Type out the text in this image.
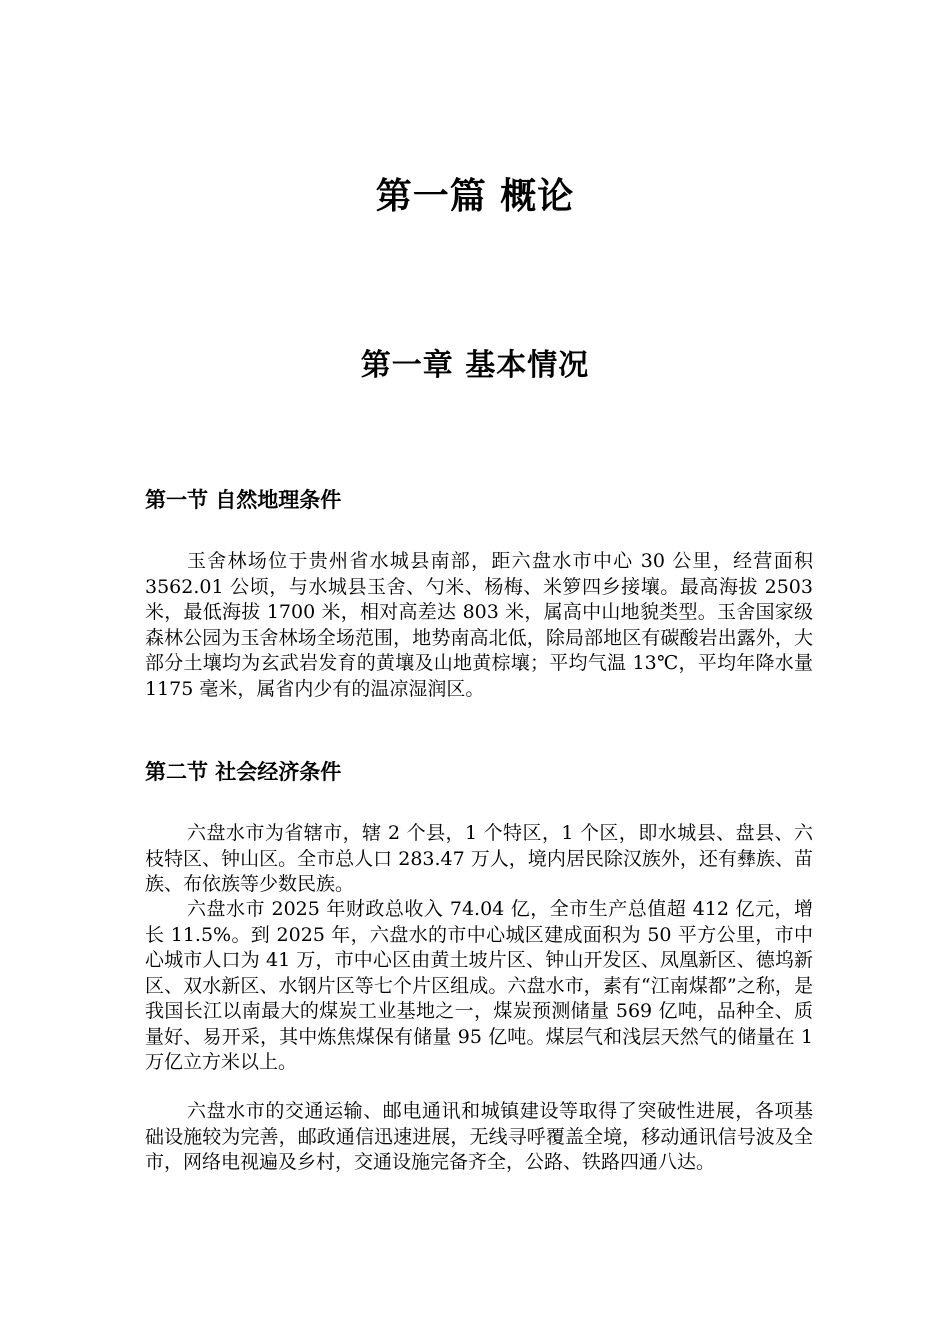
第一篇 概论
第一章 基本情况
第一节 自然地理条件

玉舍林场位于贵州省水城县南部，距六盘水市中心 30 公里，经营面积 3562.01 公顷，与水城县玉舍、勺米、杨梅、米箩四乡接壤。最高海拔 2503 米，最低海拔 1700 米，相对高差达 803 米，属高中山地貌类型。玉舍国家级森林公园为玉舍林场全场范围，地势南高北低，除局部地区有碳酸岩出露外，大部分土壤均为玄武岩发育的黄壤及山地黄棕壤；平均气温 13℃，平均年降水量 1175 毫米，属省内少有的温凉湿润区。

第二节 社会经济条件

六盘水市为省辖市，辖 2 个县，1 个特区，1 个区，即水城县、盘县、六枝特区、钟山区。全市总人口 283.47 万人，境内居民除汉族外，还有彝族、苗族、布依族等少数民族。

六盘水市 2025 年财政总收入 74.04 亿，全市生产总值超 412 亿元，增长 11.5%。到 2025 年，六盘水的市中心城区建成面积为 50 平方公里，市中心城市人口为 41 万，市中心区由黄土坡片区、钟山开发区、凤凰新区、德坞新区、双水新区、水钢片区等七个片区组成。六盘水市，素有“江南煤都”之称，是我国长江以南最大的煤炭工业基地之一，煤炭预测储量 569 亿吨，品种全、质量好、易开采，其中炼焦煤保有储量 95 亿吨。煤层气和浅层天然气的储量在 1 万亿立方米以上。

六盘水市的交通运输、邮电通讯和城镇建设等取得了突破性进展，各项基础设施较为完善，邮政通信迅速进展，无线寻呼覆盖全境，移动通讯信号波及全市，网络电视遍及乡村，交通设施完备齐全，公路、铁路四通八达。
